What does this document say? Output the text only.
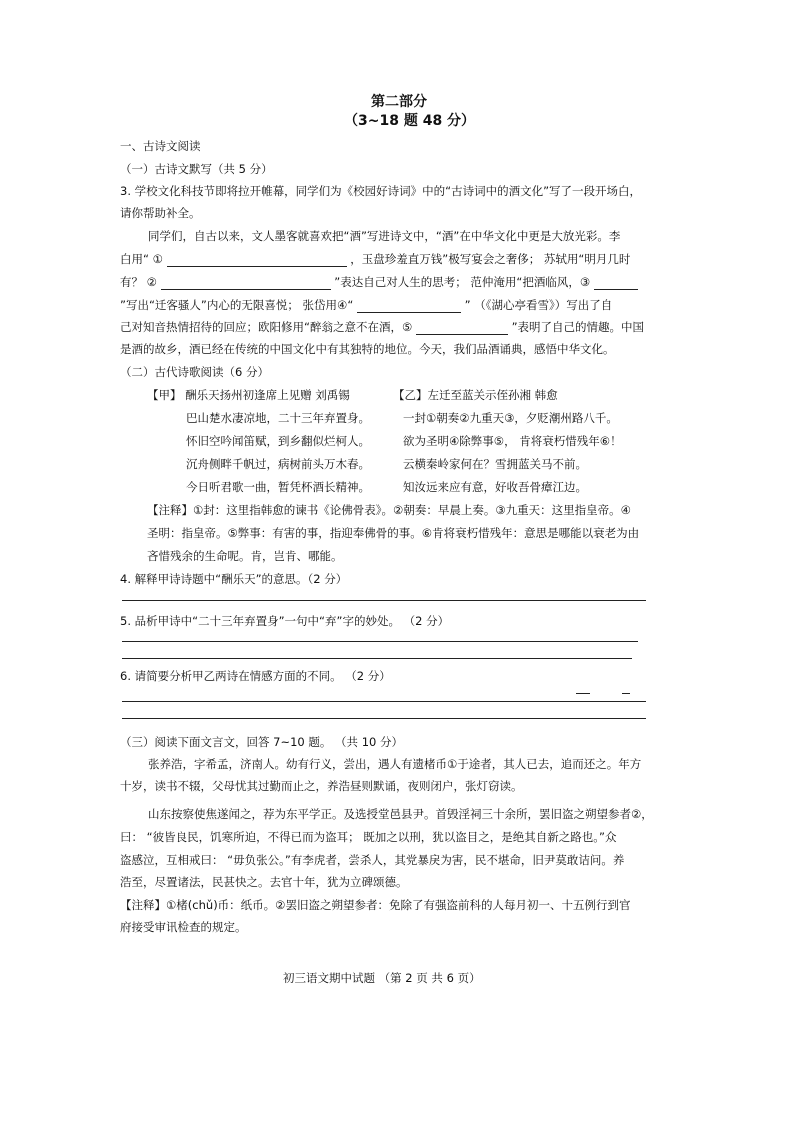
第二部分
（3~18 题 48 分）
一、古诗文阅读
（一）古诗文默写（共 5 分）
3. 学校文化科技节即将拉开帷幕，同学们为《校园好诗词》中的“古诗词中的酒文化”写了一段开场白，
请你帮助补全。
同学们，自古以来，文人墨客就喜欢把“酒”写进诗文中，“酒”在中华文化中更是大放光彩。李
白用“ ①	，玉盘珍羞直万钱”极写宴会之奢侈； 苏轼用“明月几时
有？ ②	”表达自己对人生的思考； 范仲淹用“把酒临风，③
”写出“迁客骚人”内心的无限喜悦； 张岱用④“	” （《湖心亭看雪》）写出了自
己对知音热情招待的回应；欧阳修用“醉翁之意不在酒，⑤	”表明了自己的情趣。中国
是酒的故乡，酒已经在传统的中国文化中有其独特的地位。今天，我们品酒诵典，感悟中华文化。
（二）古代诗歌阅读（6 分）
【甲】 酬乐天扬州初逢席上见赠 刘禹锡	【乙】左迁至蓝关示侄孙湘 韩愈
巴山楚水凄凉地，二十三年弃置身。	一封①朝奏②九重天③，夕贬潮州路八千。
怀旧空吟闻笛赋，到乡翻似烂柯人。	欲为圣明④除弊事⑤， 肯将衰朽惜残年⑥！
沉舟侧畔千帆过，病树前头万木春。	云横秦岭家何在？雪拥蓝关马不前。
今日听君歌一曲，暂凭杯酒长精神。	知汝远来应有意，好收吾骨瘴江边。
【注释】①封：这里指韩愈的谏书《论佛骨表》。②朝奏：早晨上奏。③九重天：这里指皇帝。④
圣明：指皇帝。⑤弊事：有害的事，指迎奉佛骨的事。⑥肯将衰朽惜残年：意思是哪能以衰老为由
吝惜残余的生命呢。肯，岂肯、哪能。
4. 解释甲诗诗题中“酬乐天”的意思。（2 分）
5. 品析甲诗中“二十三年弃置身”一句中“弃”字的妙处。 （2 分）
6. 请简要分析甲乙两诗在情感方面的不同。 （2 分）
（三）阅读下面文言文，回答 7~10 题。 （共 10 分）
张养浩，字希孟，济南人。幼有行义，尝出，遇人有遗楮币①于途者，其人已去，追而还之。年方
十岁，读书不辍，父母忧其过勤而止之，养浩昼则默诵，夜则闭户，张灯窃读。
山东按察使焦遂闻之，荐为东平学正。及选授堂邑县尹。首毁淫祠三十余所，罢旧盗之朔望参者②，
曰： “彼皆良民，饥寒所迫，不得已而为盗耳； 既加之以刑，犹以盗目之，是绝其自新之路也。”众
盗感泣，互相戒曰： “毋负张公。”有李虎者，尝杀人，其党暴戾为害，民不堪命，旧尹莫敢诘问。养
浩至，尽置诸法，民甚快之。去官十年，犹为立碑颂德。
【注释】①楮(chǔ)币：纸币。②罢旧盗之朔望参者：免除了有强盗前科的人每月初一、十五例行到官
府接受审讯检查的规定。
初三语文期中试题 （第 2 页 共 6 页）
